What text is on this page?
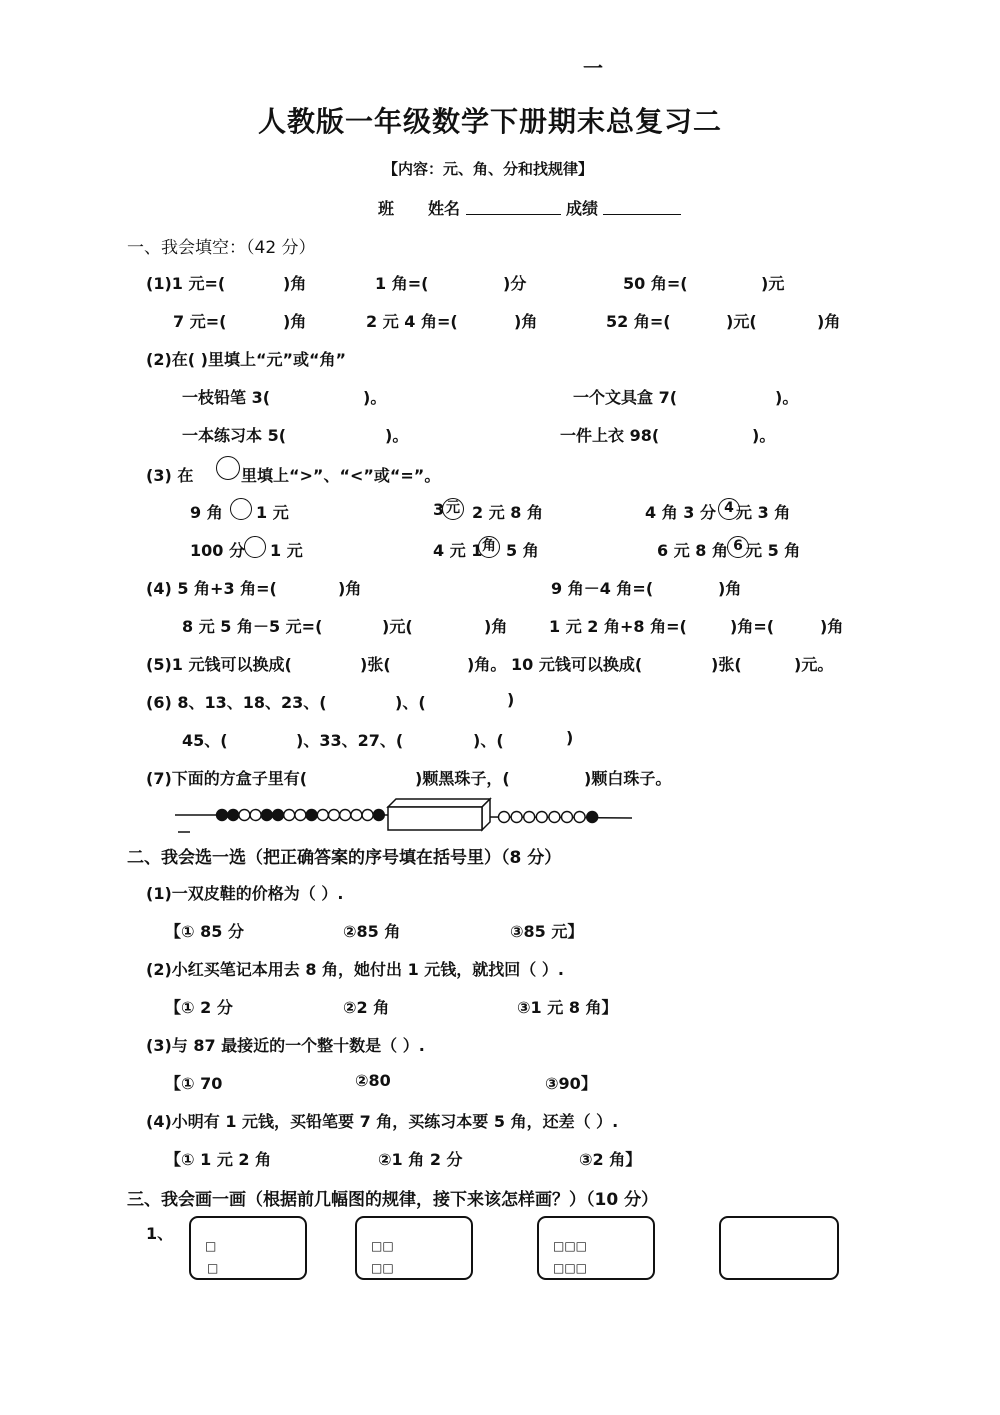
一
人教版一年级数学下册期末总复习二
【内容：元、角、分和找规律】
班 姓名	成绩
一、我会填空：（42 分）
(1)1 元=(	)角	1 角=(	)分	50 角=(	)元
7 元=(	)角	2 元 4 角=(	)角	52 角=(	)元(	)角
(2)在( )里填上“元”或“角”
一枝铅笔 3(	)。	一个文具盒 7(	)。
一本练习本 5(	)。	一件上衣 98(	)。
(3) 在	里填上“>”、“<”或“=”。
9 角 1 元	3 元 2 元 8 角	4 角 3 分 4 元 3 角
100 分 1 元	4 元 1 角 5 角	6 元 8 角 6 元 5 角
(4) 5 角+3 角=(	)角	9 角－4 角=(	)角
8 元 5 角－5 元=(	)元(	)角	1 元 2 角+8 角=(	)角=(	)角
(5)1 元钱可以换成(	)张(	)角。 10 元钱可以换成(	)张(	)元。
(6) 8、13、18、23、(	)、(	)
45、(	)、33、27、(	)、(	)
(7)下面的方盒子里有(	)颗黑珠子，(	)颗白珠子。
二、我会选一选（把正确答案的序号填在括号里）（8 分）
(1)一双皮鞋的价格为（ ）.
【① 85 分	②85 角	③85 元】
(2)小红买笔记本用去 8 角，她付出 1 元钱，就找回（ ）.
【① 2 分	②2 角	③1 元 8 角】
(3)与 87 最接近的一个整十数是（ ）.
【① 70	②80	③90】
(4)小明有 1 元钱，买铅笔要 7 角，买练习本要 5 角，还差（ ）.
【① 1 元 2 角	②1 角 2 分	③2 角】
三、我会画一画（根据前几幅图的规律，接下来该怎样画？）（10 分）
1、
□
□
□□
□□
□□□
□□□
